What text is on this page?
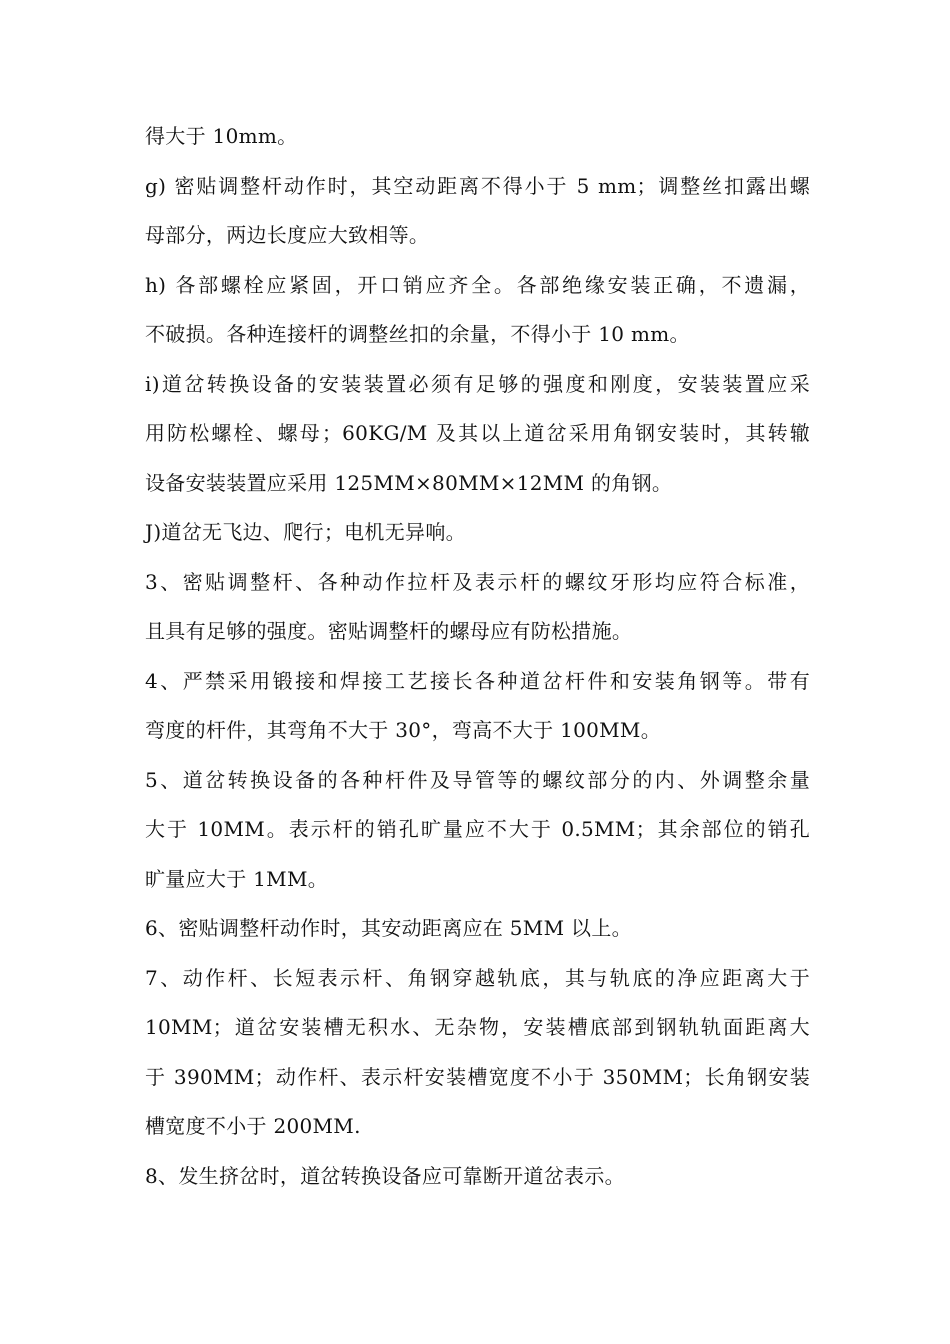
得大于 10mm。
g) 密贴调整杆动作时，其空动距离不得小于 5 mm；调整丝扣露出螺
母部分，两边长度应大致相等。
h) 各部螺栓应紧固，开口销应齐全。各部绝缘安装正确，不遗漏，
不破损。各种连接杆的调整丝扣的余量，不得小于 10 mm。
i)道岔转换设备的安装装置必须有足够的强度和刚度，安装装置应采
用防松螺栓、螺母；60KG/M 及其以上道岔采用角钢安装时，其转辙
设备安装装置应采用 125MM×80MM×12MM 的角钢。
J)道岔无飞边、爬行；电机无异响。
3、密贴调整杆、各种动作拉杆及表示杆的螺纹牙形均应符合标准，
且具有足够的强度。密贴调整杆的螺母应有防松措施。
4、严禁采用锻接和焊接工艺接长各种道岔杆件和安装角钢等。带有
弯度的杆件，其弯角不大于 30°，弯高不大于 100MM。
5、道岔转换设备的各种杆件及导管等的螺纹部分的内、外调整余量
大于 10MM。表示杆的销孔旷量应不大于 0.5MM；其余部位的销孔
旷量应大于 1MM。
6、密贴调整杆动作时，其安动距离应在 5MM 以上。
7、动作杆、长短表示杆、角钢穿越轨底，其与轨底的净应距离大于
10MM；道岔安装槽无积水、无杂物，安装槽底部到钢轨轨面距离大
于 390MM；动作杆、表示杆安装槽宽度不小于 350MM；长角钢安装
槽宽度不小于 200MM.
8、发生挤岔时，道岔转换设备应可靠断开道岔表示。
